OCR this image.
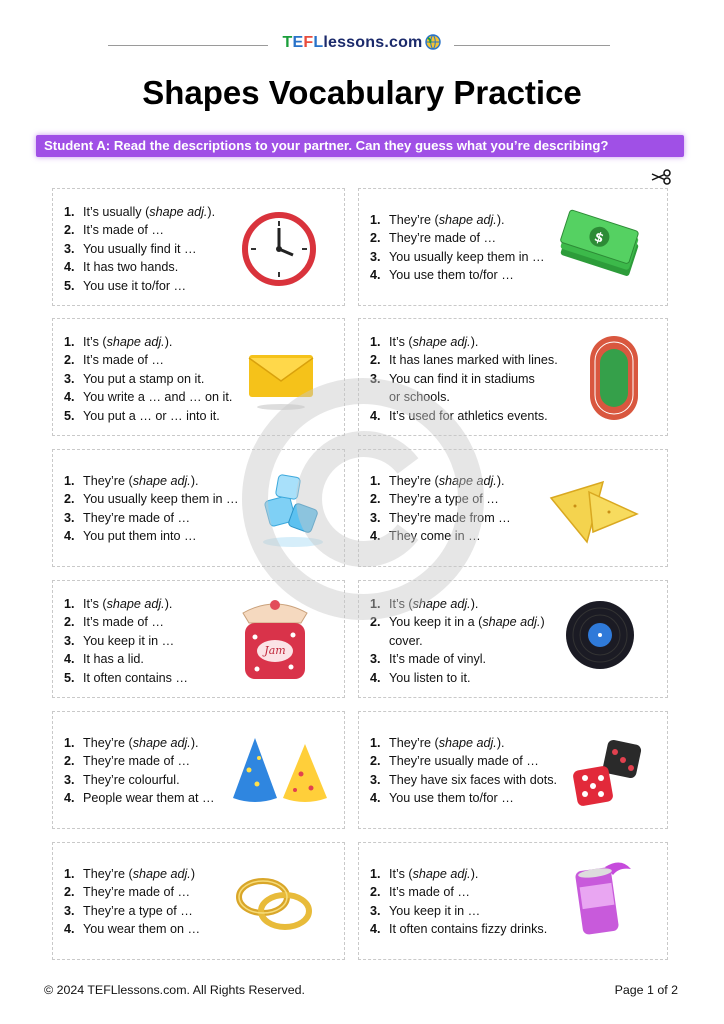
TEFLlessons.com
Shapes Vocabulary Practice
Student A: Read the descriptions to your partner. Can they guess what you’re describing?
1. It’s usually (shape adj.).
2. It’s made of …
3. You usually find it …
4. It has two hands.
5. You use it to/for …
1. They’re (shape adj.).
2. They’re made of …
3. You usually keep them in …
4. You use them to/for …
$
1. It’s (shape adj.).
2. It’s made of …
3. You put a stamp on it.
4. You write a … and … on it.
5. You put a … or … into it.
1. It’s (shape adj.).
2. It has lanes marked with lines.
3. You can find it in stadiums
or schools.
4. It’s used for athletics events.
1. They’re (shape adj.).
2. You usually keep them in …
3. They’re made of …
4. You put them into …
1. They’re (shape adj.).
2. They’re a type of …
3. They’re made from …
4. They come in …
1. It’s (shape adj.).
2. It’s made of …
3. You keep it in …
4. It has a lid.
5. It often contains …
Jam
1. It’s (shape adj.).
2. You keep it in a (shape adj.)
cover.
3. It’s made of vinyl.
4. You listen to it.
1. They’re (shape adj.).
2. They’re made of …
3. They’re colourful.
4. People wear them at …
1. They’re (shape adj.).
2. They’re usually made of …
3. They have six faces with dots.
4. You use them to/for …
1. They’re (shape adj.)
2. They’re made of …
3. They’re a type of …
4. You wear them on …
1. It’s (shape adj.).
2. It’s made of …
3. You keep it in …
4. It often contains fizzy drinks.
© 2024 TEFLlessons.com. All Rights Reserved.	Page 1 of 2
